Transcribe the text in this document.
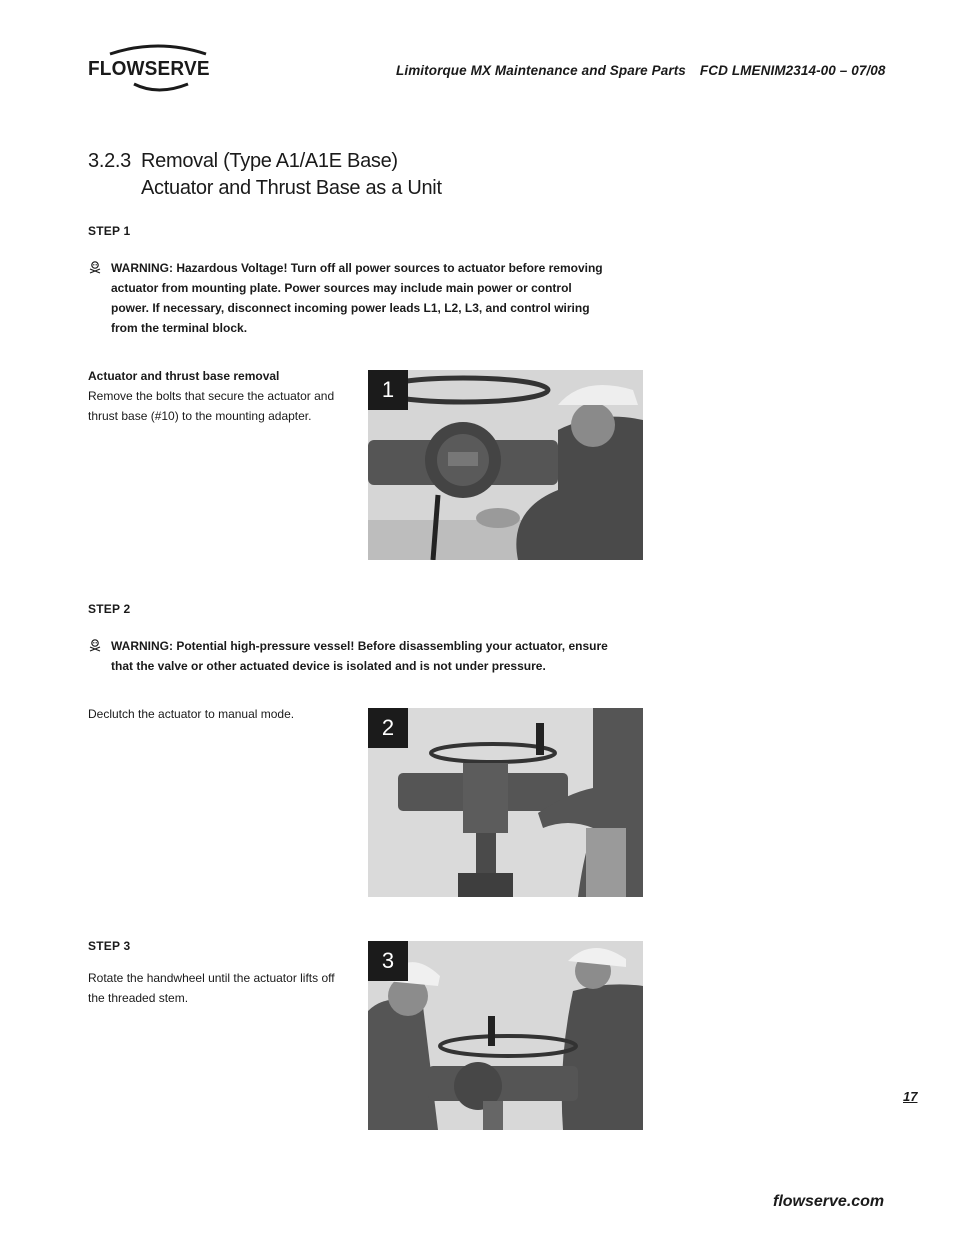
FLOWSERVE	Limitorque MX Maintenance and Spare Parts FCD LMENIM2314-00 – 07/08
3.2.3 Removal (Type A1/A1E Base)
Actuator and Thrust Base as a Unit
STEP 1
WARNING: Hazardous Voltage! Turn off all power sources to actuator before removing actuator from mounting plate. Power sources may include main power or control power. If necessary, disconnect incoming power leads L1, L2, L3, and control wiring from the terminal block.
Actuator and thrust base removal
Remove the bolts that secure the actuator and thrust base (#10) to the mounting adapter.
1
STEP 2
WARNING: Potential high-pressure vessel! Before disassembling your actuator, ensure that the valve or other actuated device is isolated and is not under pressure.
Declutch the actuator to manual mode.
2
STEP 3
Rotate the handwheel until the actuator lifts off the threaded stem.
3
17
flowserve.com
